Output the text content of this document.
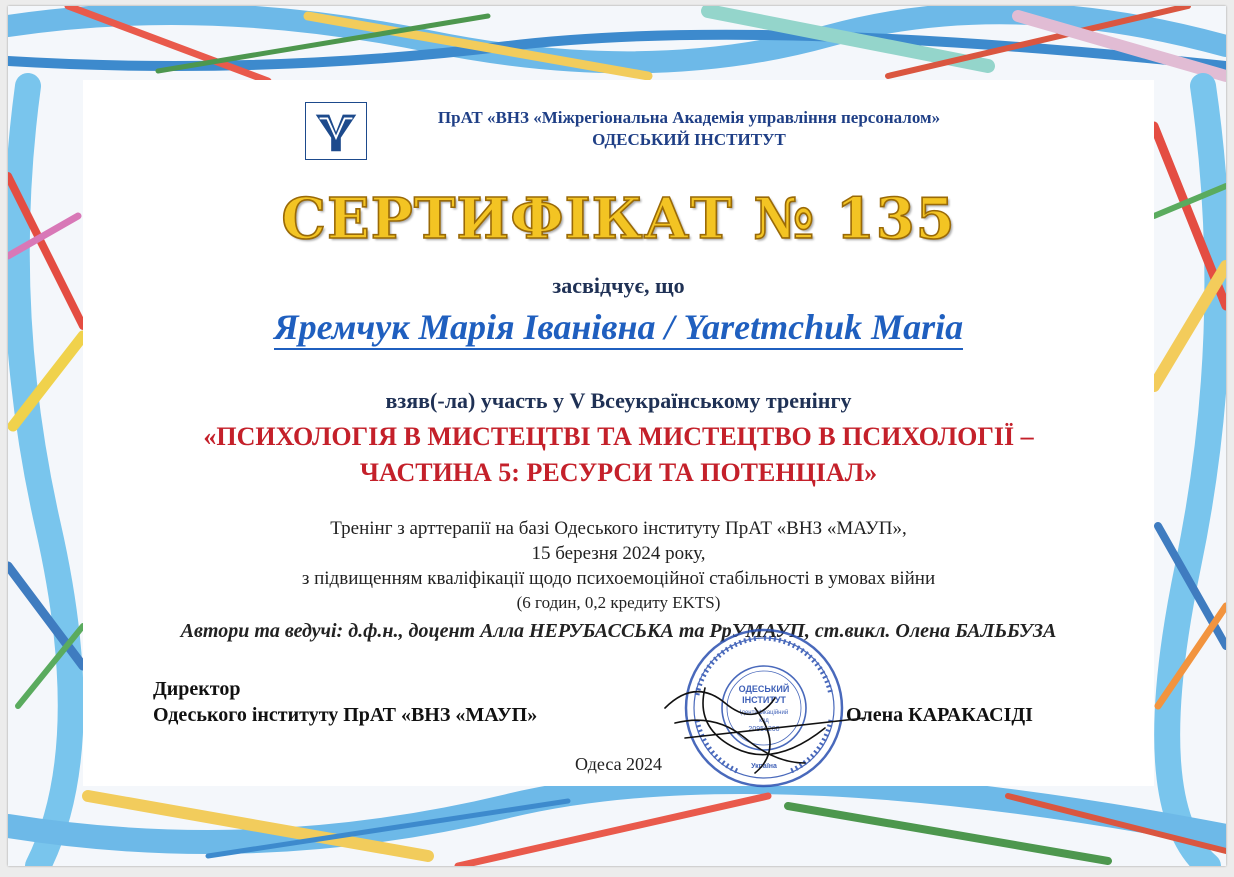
ПрАТ «ВНЗ «Міжрегіональна Академія управління персоналом»
ОДЕСЬКИЙ ІНСТИТУТ
СЕРТИФІКАТ № 135
засвідчує, що
Яремчук Марія Іванівна / Yaretmchuk Maria
взяв(-ла) участь у V Всеукраїнському тренінгу
«ПСИХОЛОГІЯ В МИСТЕЦТВІ ТА МИСТЕЦТВО В ПСИХОЛОГІЇ –
ЧАСТИНА 5: РЕСУРСИ ТА ПОТЕНЦІАЛ»
Тренінг з арттерапії на базі Одеського інституту ПрАТ «ВНЗ «МАУП»,
15 березня 2024 року,
з підвищенням кваліфікації щодо психоемоційної стабільності в умовах війни
(6 годин, 0,2 кредиту EKTS)
Автори та ведучі: д.ф.н., доцент Алла НЕРУБАССЬКА та РрУМАУП, ст.викл. Олена БАЛЬБУЗА
Директор
Одеського інституту ПрАТ «ВНЗ «МАУП»	Олена КАРАКАСІДІ
ОДЕСЬКИЙ
ІНСТИТУТ
Ідентифікаційний
код
20956260
Україна
Одеса 2024
